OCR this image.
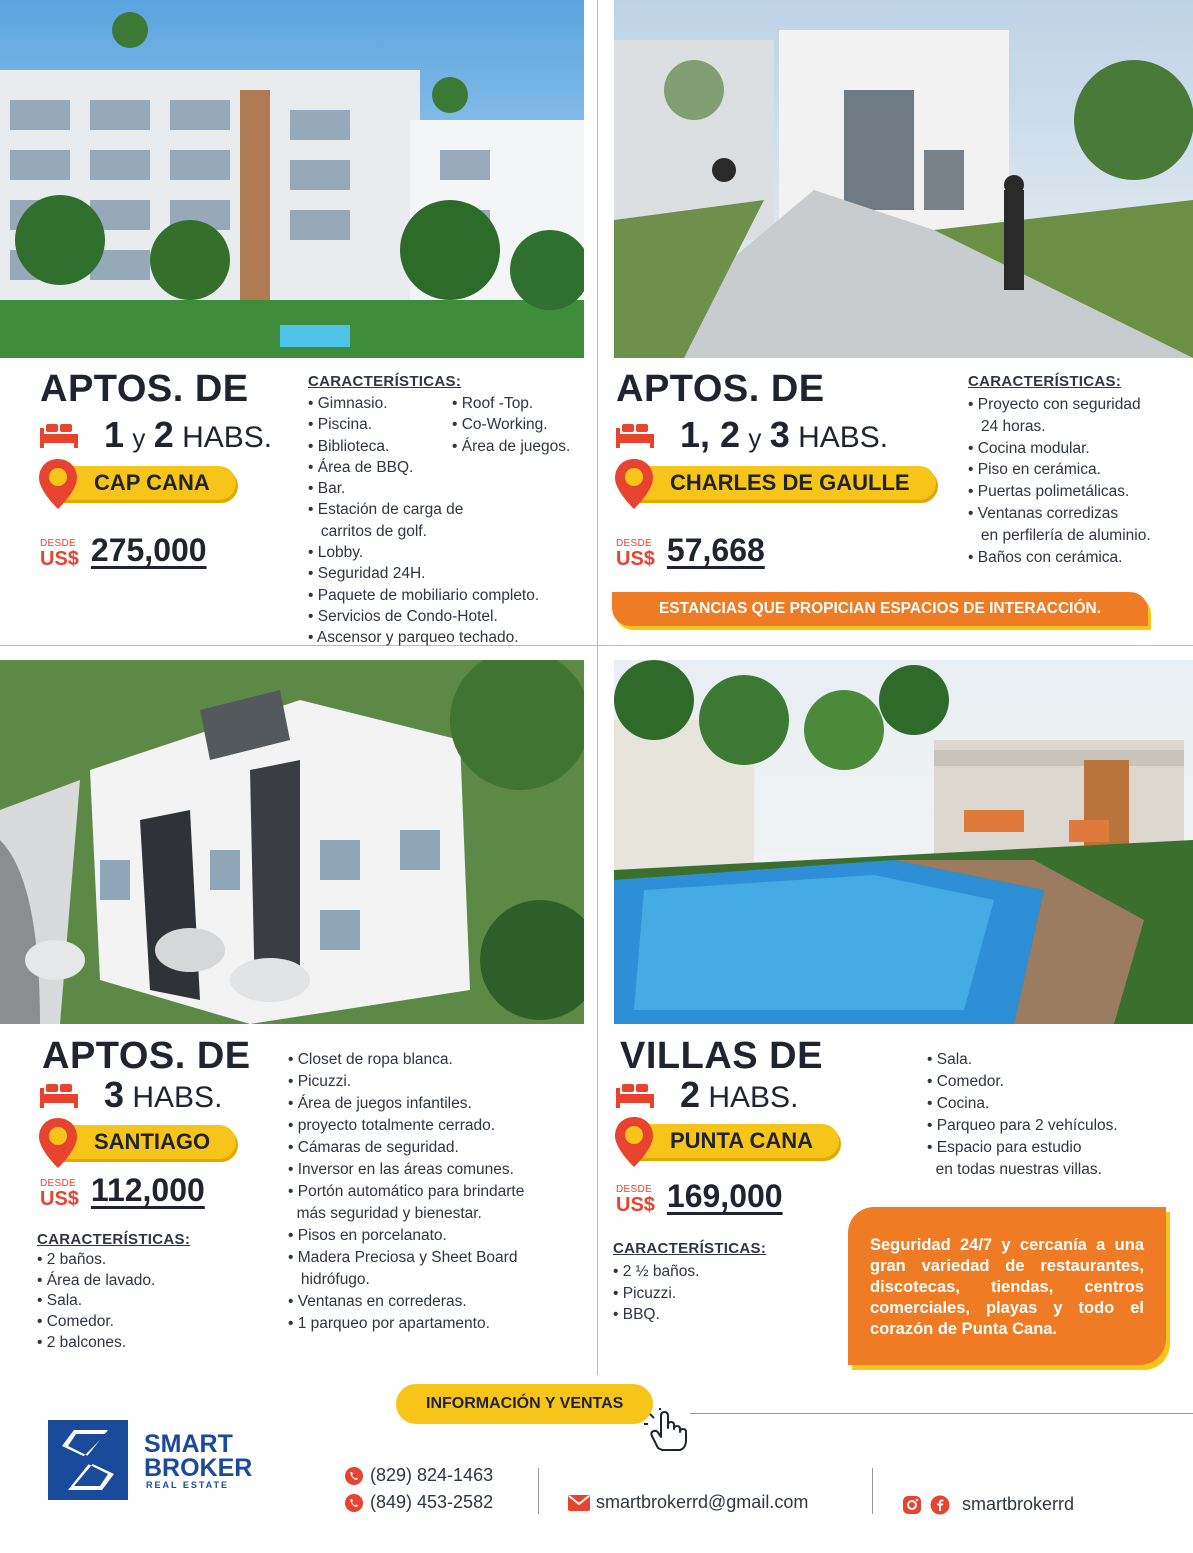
APTOS. DE
1 y 2 HABS.
CAP CANA
DESDE
US$ 275,000
CARACTERÍSTICAS:
• Gimnasio.
• Piscina.
• Biblioteca.
• Área de BBQ.
• Bar.
• Estación de carga de
carritos de golf.
• Lobby.
• Seguridad 24H.
• Paquete de mobiliario completo.
• Servicios de Condo-Hotel.
• Ascensor y parqueo techado.
• Roof -Top.
• Co-Working.
• Área de juegos.
APTOS. DE
1, 2 y 3 HABS.
CHARLES DE GAULLE
DESDE
US$ 57,668
CARACTERÍSTICAS:
• Proyecto con seguridad
24 horas.
• Cocina modular.
• Piso en cerámica.
• Puertas polimetálicas.
• Ventanas corredizas
en perfilería de aluminio.
• Baños con cerámica.
ESTANCIAS QUE PROPICIAN ESPACIOS DE INTERACCIÓN.
APTOS. DE
3 HABS.
SANTIAGO
DESDE
US$ 112,000
CARACTERÍSTICAS:
• 2 baños.
• Área de lavado.
• Sala.
• Comedor.
• 2 balcones.
• Closet de ropa blanca.
• Picuzzi.
• Área de juegos infantiles.
• proyecto totalmente cerrado.
• Cámaras de seguridad.
• Inversor en las áreas comunes.
• Portón automático para brindarte
más seguridad y bienestar.
• Pisos en porcelanato.
• Madera Preciosa y Sheet Board
hidrófugo.
• Ventanas en correderas.
• 1 parqueo por apartamento.
VILLAS DE
2 HABS.
PUNTA CANA
DESDE
US$ 169,000
CARACTERÍSTICAS:
• 2 ½ baños.
• Picuzzi.
• BBQ.
• Sala.
• Comedor.
• Cocina.
• Parqueo para 2 vehículos.
• Espacio para estudio
en todas nuestras villas.
Seguridad 24/7 y cercanía a una gran variedad de restaurantes, discotecas, tiendas, centros comerciales, playas y todo el corazón de Punta Cana.
INFORMACIÓN Y VENTAS
SMART
BROKER
REAL ESTATE	(829) 824-1463
(849) 453-2582	smartbrokerrd@gmail.com	smartbrokerrd
